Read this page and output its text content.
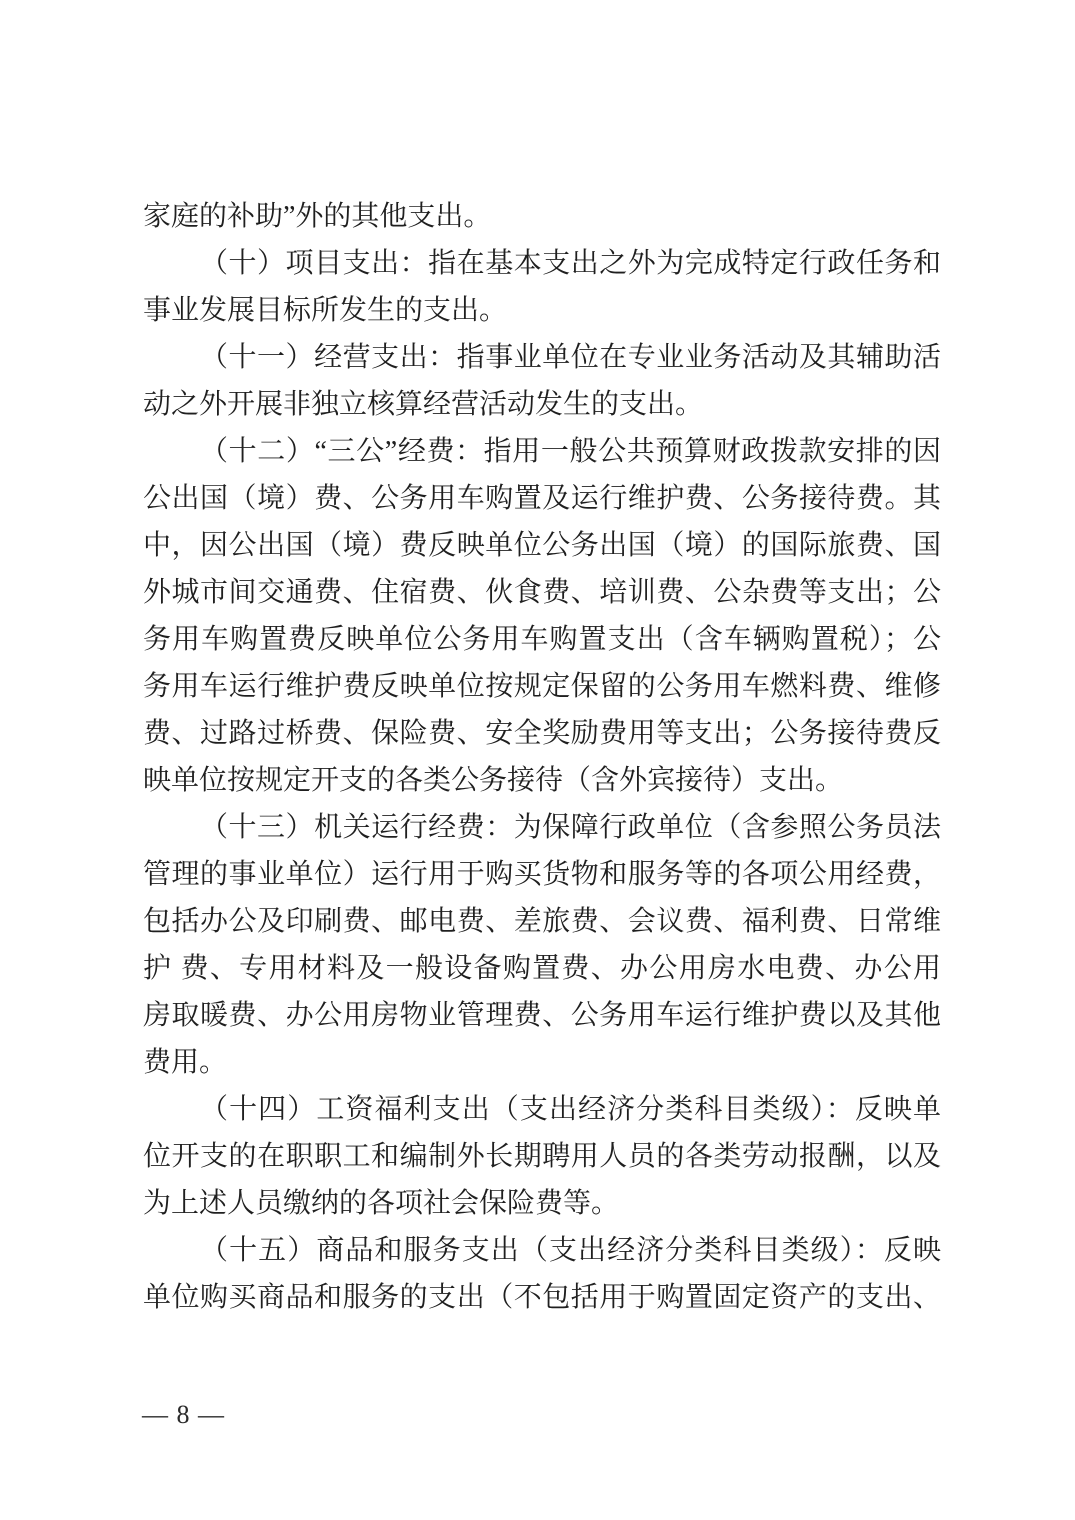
家庭的补助”外的其他支出。
（十）项目支出：指在基本支出之外为完成特定行政任务和
事业发展目标所发生的支出。
（十一）经营支出：指事业单位在专业业务活动及其辅助活
动之外开展非独立核算经营活动发生的支出。
（十二）“三公”经费：指用一般公共预算财政拨款安排的因
公出国（境）费、公务用车购置及运行维护费、公务接待费。其
中，因公出国（境）费反映单位公务出国（境）的国际旅费、国
外城市间交通费、住宿费、伙食费、培训费、公杂费等支出；公
务用车购置费反映单位公务用车购置支出（含车辆购置税）；公
务用车运行维护费反映单位按规定保留的公务用车燃料费、维修
费、过路过桥费、保险费、安全奖励费用等支出；公务接待费反
映单位按规定开支的各类公务接待（含外宾接待）支出。
（十三）机关运行经费：为保障行政单位（含参照公务员法
管理的事业单位）运行用于购买货物和服务等的各项公用经费，
包括办公及印刷费、邮电费、差旅费、会议费、福利费、日常维
护 费、专用材料及一般设备购置费、办公用房水电费、办公用
房取暖费、办公用房物业管理费、公务用车运行维护费以及其他
费用。
（十四）工资福利支出（支出经济分类科目类级）：反映单
位开支的在职职工和编制外长期聘用人员的各类劳动报酬，以及
为上述人员缴纳的各项社会保险费等。
（十五）商品和服务支出（支出经济分类科目类级）：反映
单位购买商品和服务的支出（不包括用于购置固定资产的支出、
— 8 —
